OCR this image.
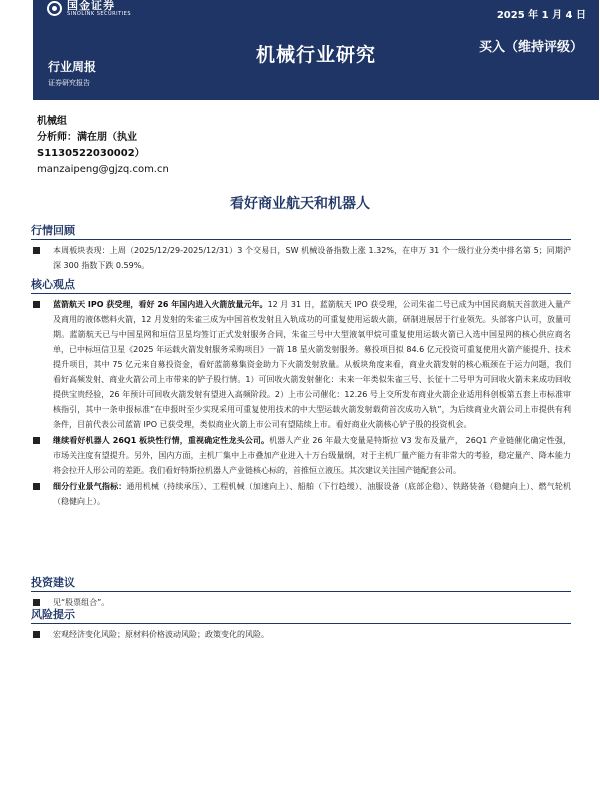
国金证券
SINOLINK SECURITIES	2025 年 1 月 4 日
机械行业研究	买入（维持评级）
行业周报
证券研究报告
机械组
分析师：满在朋（执业
S1130522030002）
manzaipeng@gjzq.com.cn
看好商业航天和机器人
行情回顾
本周板块表现：上周（2025/12/29-2025/12/31）3 个交易日，SW 机械设备指数上涨 1.32%，在申万 31 个一级行业分类中排名第 5；同期沪深 300 指数下跌 0.59%。
核心观点
蓝箭航天 IPO 获受理，看好 26 年国内进入火箭放量元年。12 月 31 日，蓝箭航天 IPO 获受理，公司朱雀二号已成为中国民商航天首款进入量产及商用的液体燃料火箭，12 月发射的朱雀三成为中国首枚发射且入轨成功的可重复使用运载火箭，研制进展居于行业领先。头部客户认可，放量可期。蓝箭航天已与中国星网和垣信卫星均签订正式发射服务合同，朱雀三号中大型液氧甲烷可重复使用运载火箭已入选中国星网的核心供应商名单，已中标垣信卫星《2025 年运载火箭发射服务采购项目》一箭 18 星火箭发射服务。募投项目拟 84.6 亿元投资可重复使用火箭产能提升、技术提升项目，其中 75 亿元来自募投资金，看好蓝箭募集资金助力下火箭发射放量。从板块角度来看，商业火箭发射的核心瓶颈在于运力问题，我们看好高频发射、商业火箭公司上市带来的铲子股行情。1）可回收火箭发射催化：未来一年类似朱雀三号、长征十二号甲为可回收火箭未来成功回收提供宝贵经验，26 年预计可回收火箭发射有望进入高频阶段。2）上市公司催化：12.26 号上交所发布商业火箭企业适用科创板第五套上市标准审核指引，其中一条申报标准“在申报时至少实现采用可重复使用技术的中大型运载火箭发射载荷首次成功入轨”，为后续商业火箭公司上市提供有利条件，目前代表公司蓝箭 IPO 已获受理，类似商业火箭上市公司有望陆续上市。看好商业火箭核心铲子股的投资机会。
继续看好机器人 26Q1 板块性行情，重视确定性龙头公司。机器人产业 26 年最大变量是特斯拉 V3 发布及量产， 26Q1 产业链催化确定性强，市场关注度有望提升。另外，国内方面，主机厂集中上市叠加产业进入十万台级量纲，对于主机厂量产能力有非常大的考验，稳定量产、降本能力将会拉开人形公司的差距。我们看好特斯拉机器人产业链核心标的，首推恒立液压。其次建议关注国产链配套公司。
细分行业景气指标：通用机械（持续承压）、工程机械（加速向上）、船舶（下行趋缓）、油服设备（底部企稳）、铁路装备（稳健向上）、燃气轮机（稳健向上）。
投资建议
见“股票组合”。
风险提示
宏观经济变化风险；原材料价格波动风险；政策变化的风险。
